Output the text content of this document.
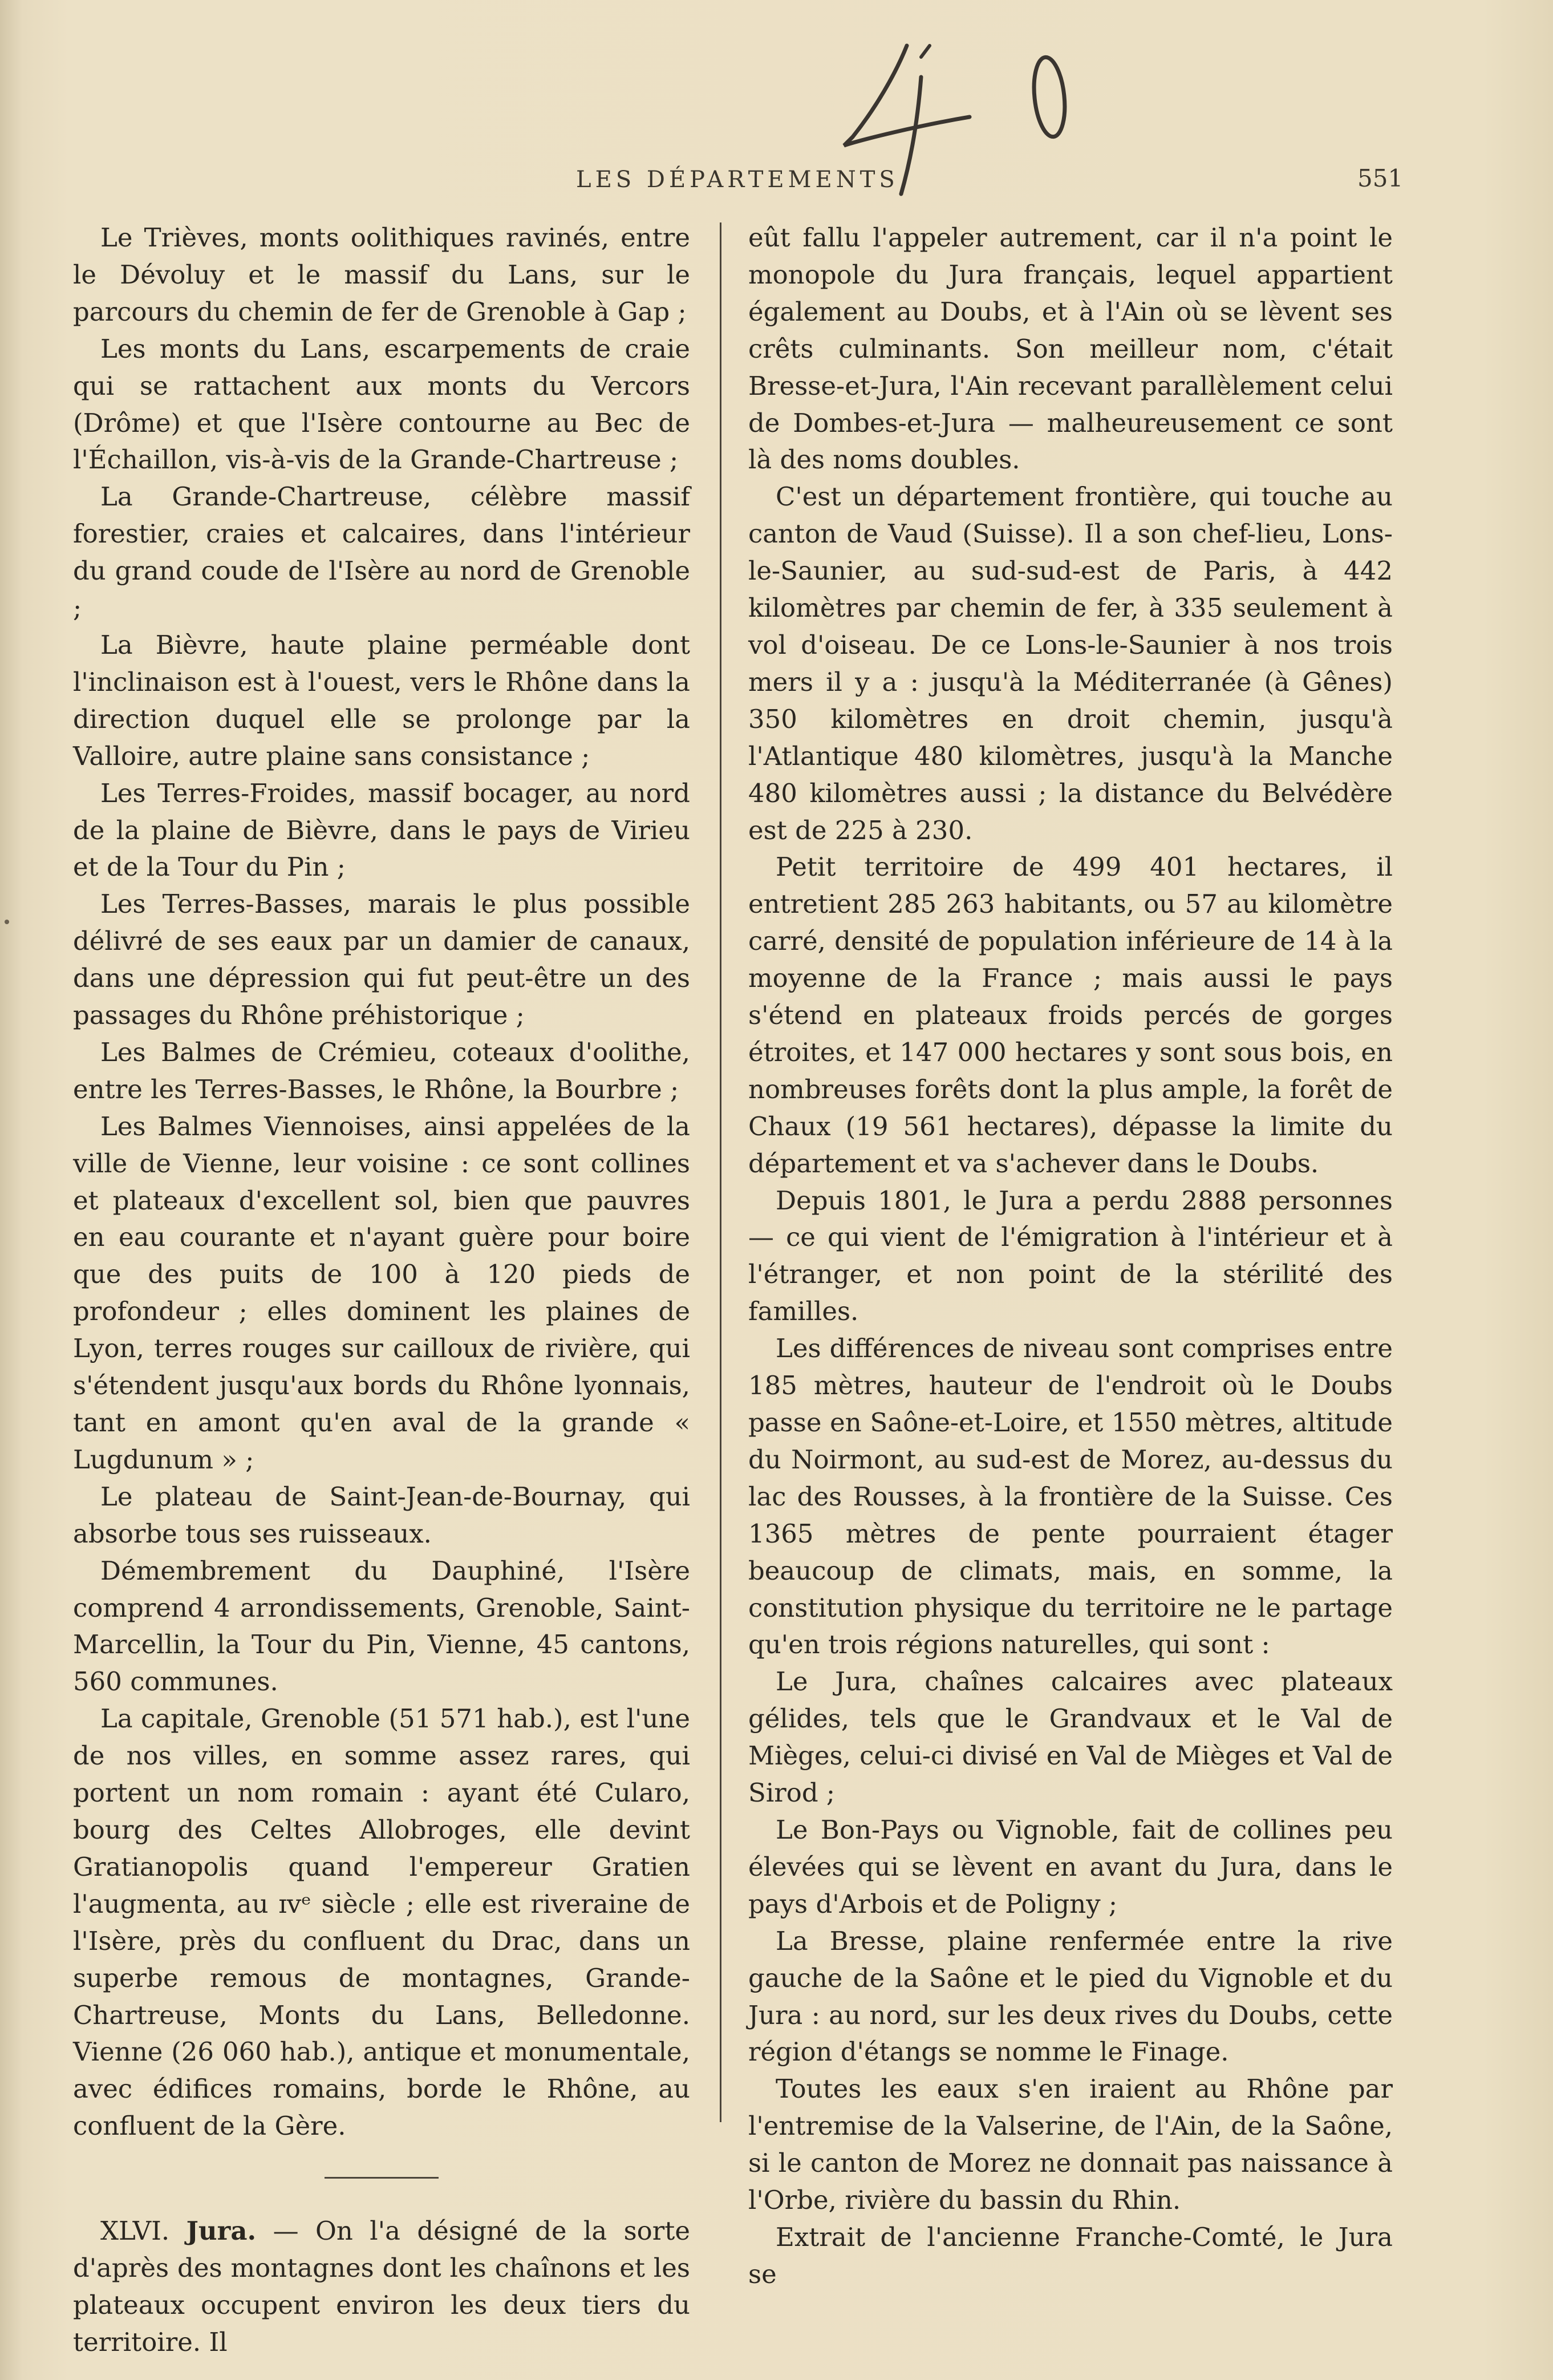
LES DÉPARTEMENTS	551

Le Trièves, monts oolithiques ravinés, entre le Dévoluy et le massif du Lans, sur le parcours du chemin de fer de Grenoble à Gap ;

Les monts du Lans, escarpements de craie qui se rattachent aux monts du Vercors (Drôme) et que l'Isère contourne au Bec de l'Échaillon, vis-à-vis de la Grande-Chartreuse ;

La Grande-Chartreuse, célèbre massif forestier, craies et calcaires, dans l'intérieur du grand coude de l'Isère au nord de Grenoble ;

La Bièvre, haute plaine perméable dont l'inclinaison est à l'ouest, vers le Rhône dans la direction duquel elle se prolonge par la Valloire, autre plaine sans consistance ;

Les Terres-Froides, massif bocager, au nord de la plaine de Bièvre, dans le pays de Virieu et de la Tour du Pin ;

Les Terres-Basses, marais le plus possible délivré de ses eaux par un damier de canaux, dans une dépression qui fut peut-être un des passages du Rhône préhistorique ;

Les Balmes de Crémieu, coteaux d'oolithe, entre les Terres-Basses, le Rhône, la Bourbre ;

Les Balmes Viennoises, ainsi appelées de la ville de Vienne, leur voisine : ce sont collines et plateaux d'excellent sol, bien que pauvres en eau courante et n'ayant guère pour boire que des puits de 100 à 120 pieds de profondeur ; elles dominent les plaines de Lyon, terres rouges sur cailloux de rivière, qui s'étendent jusqu'aux bords du Rhône lyonnais, tant en amont qu'en aval de la grande « Lugdunum » ;

Le plateau de Saint-Jean-de-Bournay, qui absorbe tous ses ruisseaux.

Démembrement du Dauphiné, l'Isère comprend 4 arrondissements, Grenoble, Saint-Marcellin, la Tour du Pin, Vienne, 45 cantons, 560 communes.

La capitale, Grenoble (51 571 hab.), est l'une de nos villes, en somme assez rares, qui portent un nom romain : ayant été Cularo, bourg des Celtes Allobroges, elle devint Gratianopolis quand l'empereur Gratien l'augmenta, au ɪᴠᵉ siècle ; elle est riveraine de l'Isère, près du confluent du Drac, dans un superbe remous de montagnes, Grande-Chartreuse, Monts du Lans, Belledonne. Vienne (26 060 hab.), antique et monumentale, avec édifices romains, borde le Rhône, au confluent de la Gère.

XLVI. Jura. — On l'a désigné de la sorte d'après des montagnes dont les chaînons et les plateaux occupent environ les deux tiers du territoire. Il

eût fallu l'appeler autrement, car il n'a point le monopole du Jura français, lequel appartient également au Doubs, et à l'Ain où se lèvent ses crêts culminants. Son meilleur nom, c'était Bresse-et-Jura, l'Ain recevant parallèlement celui de Dombes-et-Jura — malheureusement ce sont là des noms doubles.

C'est un département frontière, qui touche au canton de Vaud (Suisse). Il a son chef-lieu, Lons-le-Saunier, au sud-sud-est de Paris, à 442 kilomètres par chemin de fer, à 335 seulement à vol d'oiseau. De ce Lons-le-Saunier à nos trois mers il y a : jusqu'à la Méditerranée (à Gênes) 350 kilomètres en droit chemin, jusqu'à l'Atlantique 480 kilomètres, jusqu'à la Manche 480 kilomètres aussi ; la distance du Belvédère est de 225 à 230.

Petit territoire de 499 401 hectares, il entretient 285 263 habitants, ou 57 au kilomètre carré, densité de population inférieure de 14 à la moyenne de la France ; mais aussi le pays s'étend en plateaux froids percés de gorges étroites, et 147 000 hectares y sont sous bois, en nombreuses forêts dont la plus ample, la forêt de Chaux (19 561 hectares), dépasse la limite du département et va s'achever dans le Doubs.

Depuis 1801, le Jura a perdu 2888 personnes — ce qui vient de l'émigration à l'intérieur et à l'étranger, et non point de la stérilité des familles.

Les différences de niveau sont comprises entre 185 mètres, hauteur de l'endroit où le Doubs passe en Saône-et-Loire, et 1550 mètres, altitude du Noirmont, au sud-est de Morez, au-dessus du lac des Rousses, à la frontière de la Suisse. Ces 1365 mètres de pente pourraient étager beaucoup de climats, mais, en somme, la constitution physique du territoire ne le partage qu'en trois régions naturelles, qui sont :

Le Jura, chaînes calcaires avec plateaux gélides, tels que le Grandvaux et le Val de Mièges, celui-ci divisé en Val de Mièges et Val de Sirod ;

Le Bon-Pays ou Vignoble, fait de collines peu élevées qui se lèvent en avant du Jura, dans le pays d'Arbois et de Poligny ;

La Bresse, plaine renfermée entre la rive gauche de la Saône et le pied du Vignoble et du Jura : au nord, sur les deux rives du Doubs, cette région d'étangs se nomme le Finage.

Toutes les eaux s'en iraient au Rhône par l'entremise de la Valserine, de l'Ain, de la Saône, si le canton de Morez ne donnait pas naissance à l'Orbe, rivière du bassin du Rhin.

Extrait de l'ancienne Franche-Comté, le Jura se
